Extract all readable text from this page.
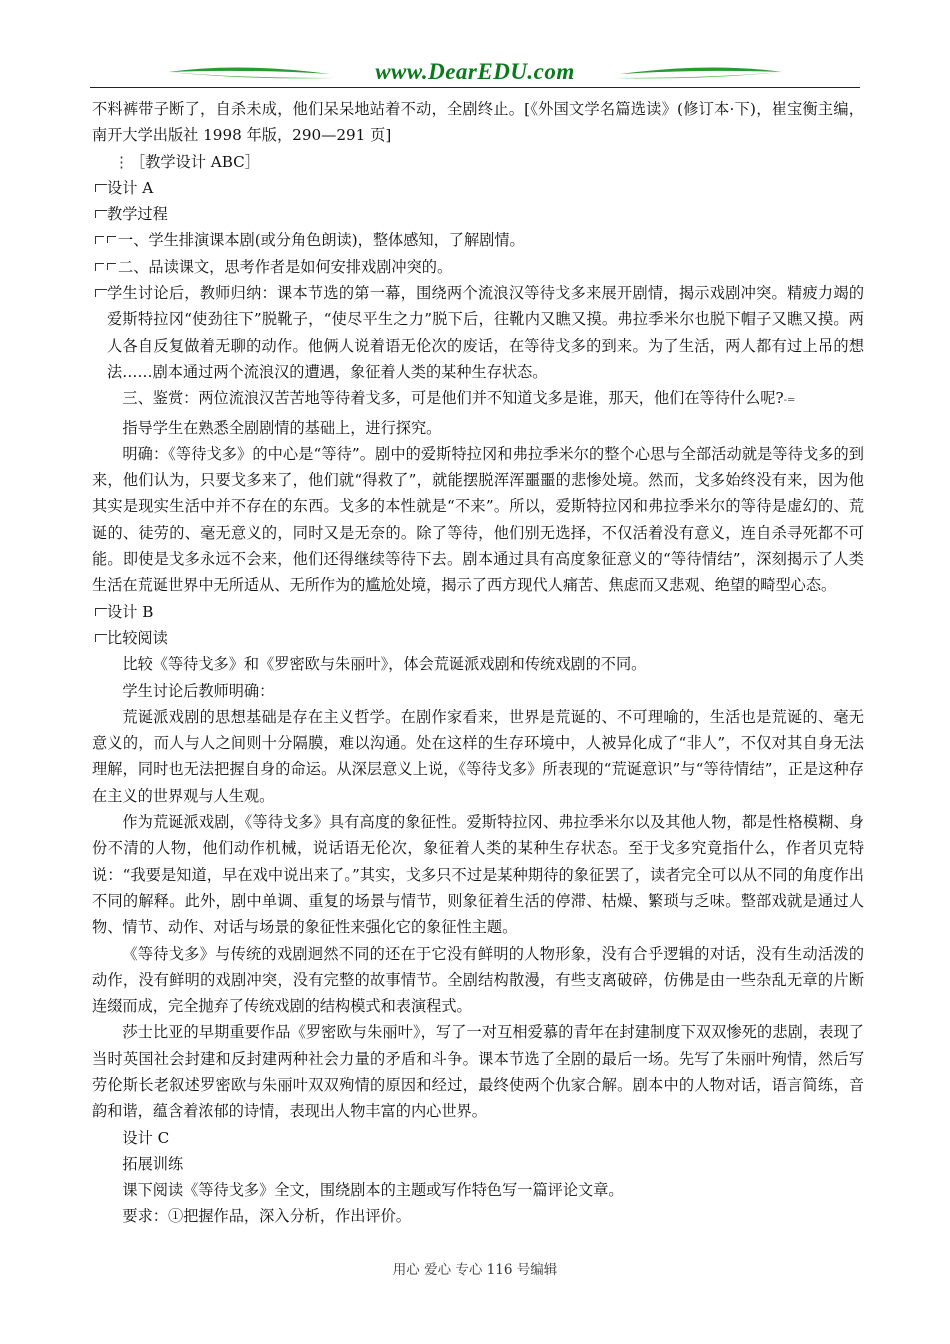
www.DearEDU.com

不料裤带子断了，自杀未成，他们呆呆地站着不动，全剧终止。[《外国文学名篇选读》(修订本·下)，崔宝衡主编，南开大学出版社 1998 年版，290—291 页]

⋮［教学设计 ABC］

设计 A

教学过程

一、学生排演课本剧(或分角色朗读)，整体感知，了解剧情。

二、品读课文，思考作者是如何安排戏剧冲突的。

学生讨论后，教师归纳：课本节选的第一幕，围绕两个流浪汉等待戈多来展开剧情，揭示戏剧冲突。精疲力竭的爱斯特拉冈“使劲往下”脱靴子，“使尽平生之力”脱下后，往靴内又瞧又摸。弗拉季米尔也脱下帽子又瞧又摸。两人各自反复做着无聊的动作。他俩人说着语无伦次的废话，在等待戈多的到来。为了生活，两人都有过上吊的想法……剧本通过两个流浪汉的遭遇，象征着人类的某种生存状态。

三、鉴赏：两位流浪汉苦苦地等待着戈多，可是他们并不知道戈多是谁，那天，他们在等待什么呢?-=

指导学生在熟悉全剧剧情的基础上，进行探究。

明确：《等待戈多》的中心是“等待”。剧中的爱斯特拉冈和弗拉季米尔的整个心思与全部活动就是等待戈多的到来，他们认为，只要戈多来了，他们就“得救了”，就能摆脱浑浑噩噩的悲惨处境。然而，戈多始终没有来，因为他其实是现实生活中并不存在的东西。戈多的本性就是“不来”。所以，爱斯特拉冈和弗拉季米尔的等待是虚幻的、荒诞的、徒劳的、毫无意义的，同时又是无奈的。除了等待，他们别无选择，不仅活着没有意义，连自杀寻死都不可能。即使是戈多永远不会来，他们还得继续等待下去。剧本通过具有高度象征意义的“等待情结”，深刻揭示了人类生活在荒诞世界中无所适从、无所作为的尴尬处境，揭示了西方现代人痛苦、焦虑而又悲观、绝望的畸型心态。

设计 B

比较阅读

比较《等待戈多》和《罗密欧与朱丽叶》，体会荒诞派戏剧和传统戏剧的不同。

学生讨论后教师明确：

荒诞派戏剧的思想基础是存在主义哲学。在剧作家看来，世界是荒诞的、不可理喻的，生活也是荒诞的、毫无意义的，而人与人之间则十分隔膜，难以沟通。处在这样的生存环境中，人被异化成了“非人”，不仅对其自身无法理解，同时也无法把握自身的命运。从深层意义上说，《等待戈多》所表现的“荒诞意识”与“等待情结”，正是这种存在主义的世界观与人生观。

作为荒诞派戏剧，《等待戈多》具有高度的象征性。爱斯特拉冈、弗拉季米尔以及其他人物，都是性格模糊、身份不清的人物，他们动作机械，说话语无伦次，象征着人类的某种生存状态。至于戈多究竟指什么，作者贝克特说：“我要是知道，早在戏中说出来了。”其实，戈多只不过是某种期待的象征罢了，读者完全可以从不同的角度作出不同的解释。此外，剧中单调、重复的场景与情节，则象征着生活的停滞、枯燥、繁琐与乏味。整部戏就是通过人物、情节、动作、对话与场景的象征性来强化它的象征性主题。

《等待戈多》与传统的戏剧迥然不同的还在于它没有鲜明的人物形象，没有合乎逻辑的对话，没有生动活泼的动作，没有鲜明的戏剧冲突，没有完整的故事情节。全剧结构散漫，有些支离破碎，仿佛是由一些杂乱无章的片断连缀而成，完全抛弃了传统戏剧的结构模式和表演程式。

莎士比亚的早期重要作品《罗密欧与朱丽叶》，写了一对互相爱慕的青年在封建制度下双双惨死的悲剧，表现了当时英国社会封建和反封建两种社会力量的矛盾和斗争。课本节选了全剧的最后一场。先写了朱丽叶殉情，然后写劳伦斯长老叙述罗密欧与朱丽叶双双殉情的原因和经过，最终使两个仇家合解。剧本中的人物对话，语言简练，音韵和谐，蕴含着浓郁的诗情，表现出人物丰富的内心世界。

设计 C

拓展训练

课下阅读《等待戈多》全文，围绕剧本的主题或写作特色写一篇评论文章。

要求：①把握作品，深入分析，作出评价。

用心 爱心 专心 116 号编辑
